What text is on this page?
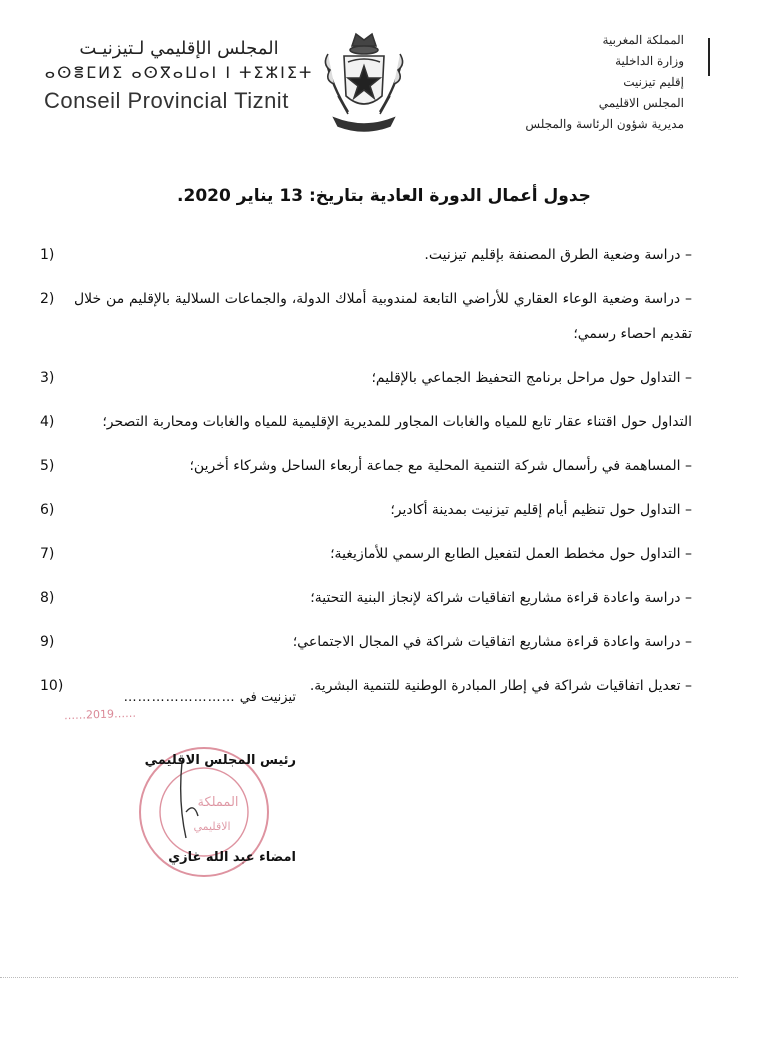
المجلس الإقليمي لـتيزنيـت
ⴰⵙⴻⵎⵍⵉ ⴰⵙⴳⴰⵡⴰⵏ ⵏ ⵜⵉⵣⵏⵉⵜ
Conseil Provincial Tiznit
المملكة المغربية
وزارة الداخلية
إقليم تيزنيت
المجلس الاقليمي
مديرية شؤون الرئاسة والمجلس
جدول أعمال الدورة العادية بتاريخ: 13 يناير 2020.
– دراسة وضعية الطرق المصنفة بإقليم تيزنيت.
1)
– دراسة وضعية الوعاء العقاري للأراضي التابعة لمندوبية أملاك الدولة، والجماعات السلالية بالإقليم من خلال تقديم احصاء رسمي؛
2)
– التداول حول مراحل برنامج التحفيظ الجماعي بالإقليم؛
3)
التداول حول اقتناء عقار تابع للمياه والغابات المجاور للمديرية الإقليمية للمياه والغابات ومحاربة التصحر؛
4)
– المساهمة في رأسمال شركة التنمية المحلية مع جماعة أربعاء الساحل وشركاء أخرين؛
5)
– التداول حول تنظيم أيام إقليم تيزنيت بمدينة أكادير؛
6)
– التداول حول مخطط العمل لتفعيل الطابع الرسمي للأمازيغية؛
7)
– دراسة واعادة قراءة مشاريع اتفاقيات شراكة لإنجاز البنية التحتية؛
8)
– دراسة واعادة قراءة مشاريع اتفاقيات شراكة في المجال الاجتماعي؛
9)
– تعديل اتفاقيات شراكة في إطار المبادرة الوطنية للتنمية البشرية.
10)
……2019……
المملكة
الاقليمي
تيزنيت في ……………………
رئيس المجلس الاقليمي
امضاء عبد الله غازي
